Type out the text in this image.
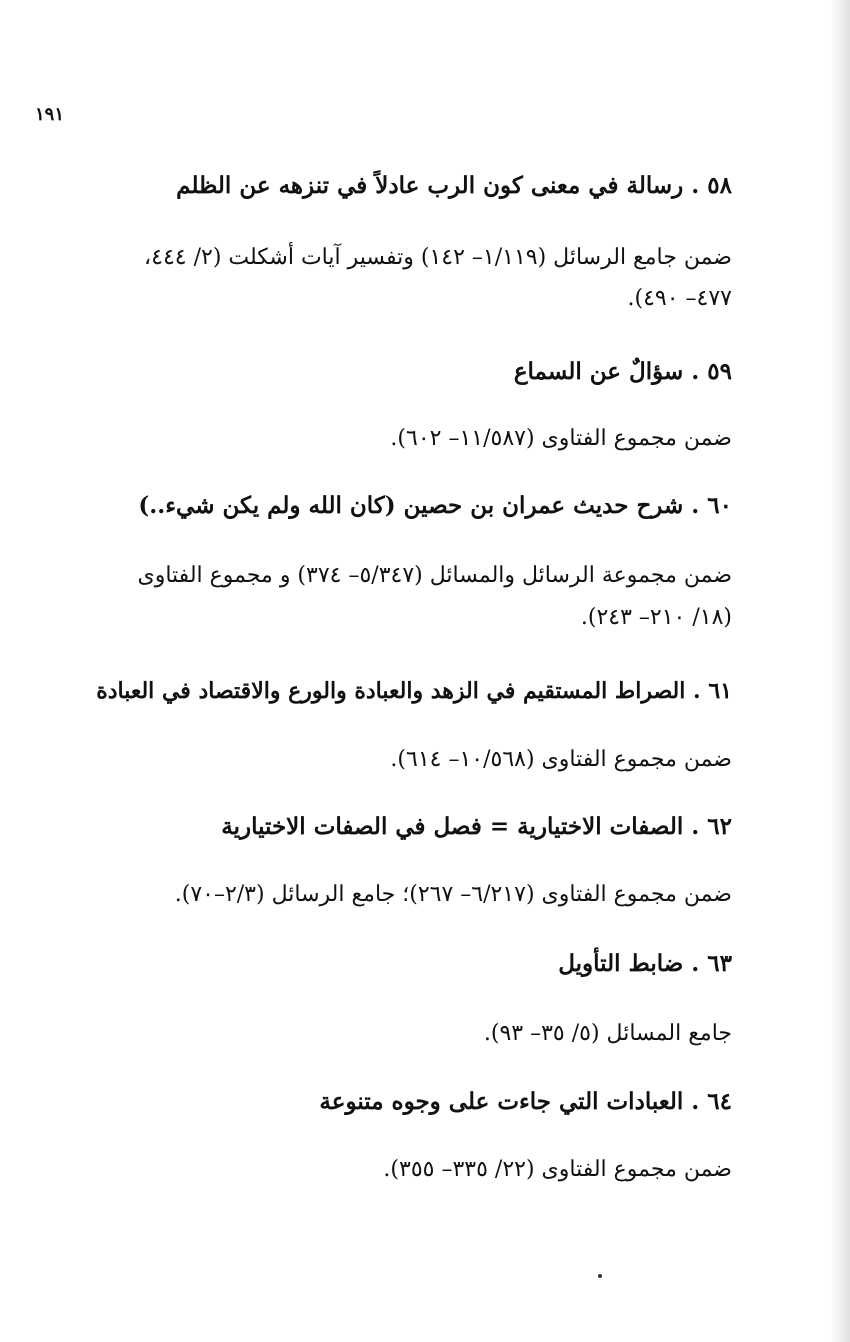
١٩١
٥٨ . رسالة في معنى كون الرب عادلاً في تنزهه عن الظلم
ضمن جامع الرسائل (١/١١٩– ١٤٢) وتفسير آيات أشكلت (٢/ ٤٤٤،
٤٧٧– ٤٩٠).
٥٩ . سؤالٌ عن السماع
ضمن مجموع الفتاوى (١١/٥٨٧– ٦٠٢).
٦٠ . شرح حديث عمران بن حصين (كان الله ولم يكن شيء..)
ضمن مجموعة الرسائل والمسائل (٥/٣٤٧– ٣٧٤) و مجموع الفتاوى
(١٨/ ٢١٠– ٢٤٣).
٦١ . الصراط المستقيم في الزهد والعبادة والورع والاقتصاد في العبادة
ضمن مجموع الفتاوى (١٠/٥٦٨– ٦١٤).
٦٢ . الصفات الاختيارية = فصل في الصفات الاختيارية
ضمن مجموع الفتاوى (٦/٢١٧– ٢٦٧)؛ جامع الرسائل (٢/٣–٧٠).
٦٣ . ضابط التأويل
جامع المسائل (٥/ ٣٥– ٩٣).
٦٤ . العبادات التي جاءت على وجوه متنوعة
ضمن مجموع الفتاوى (٢٢/ ٣٣٥– ٣٥٥).
